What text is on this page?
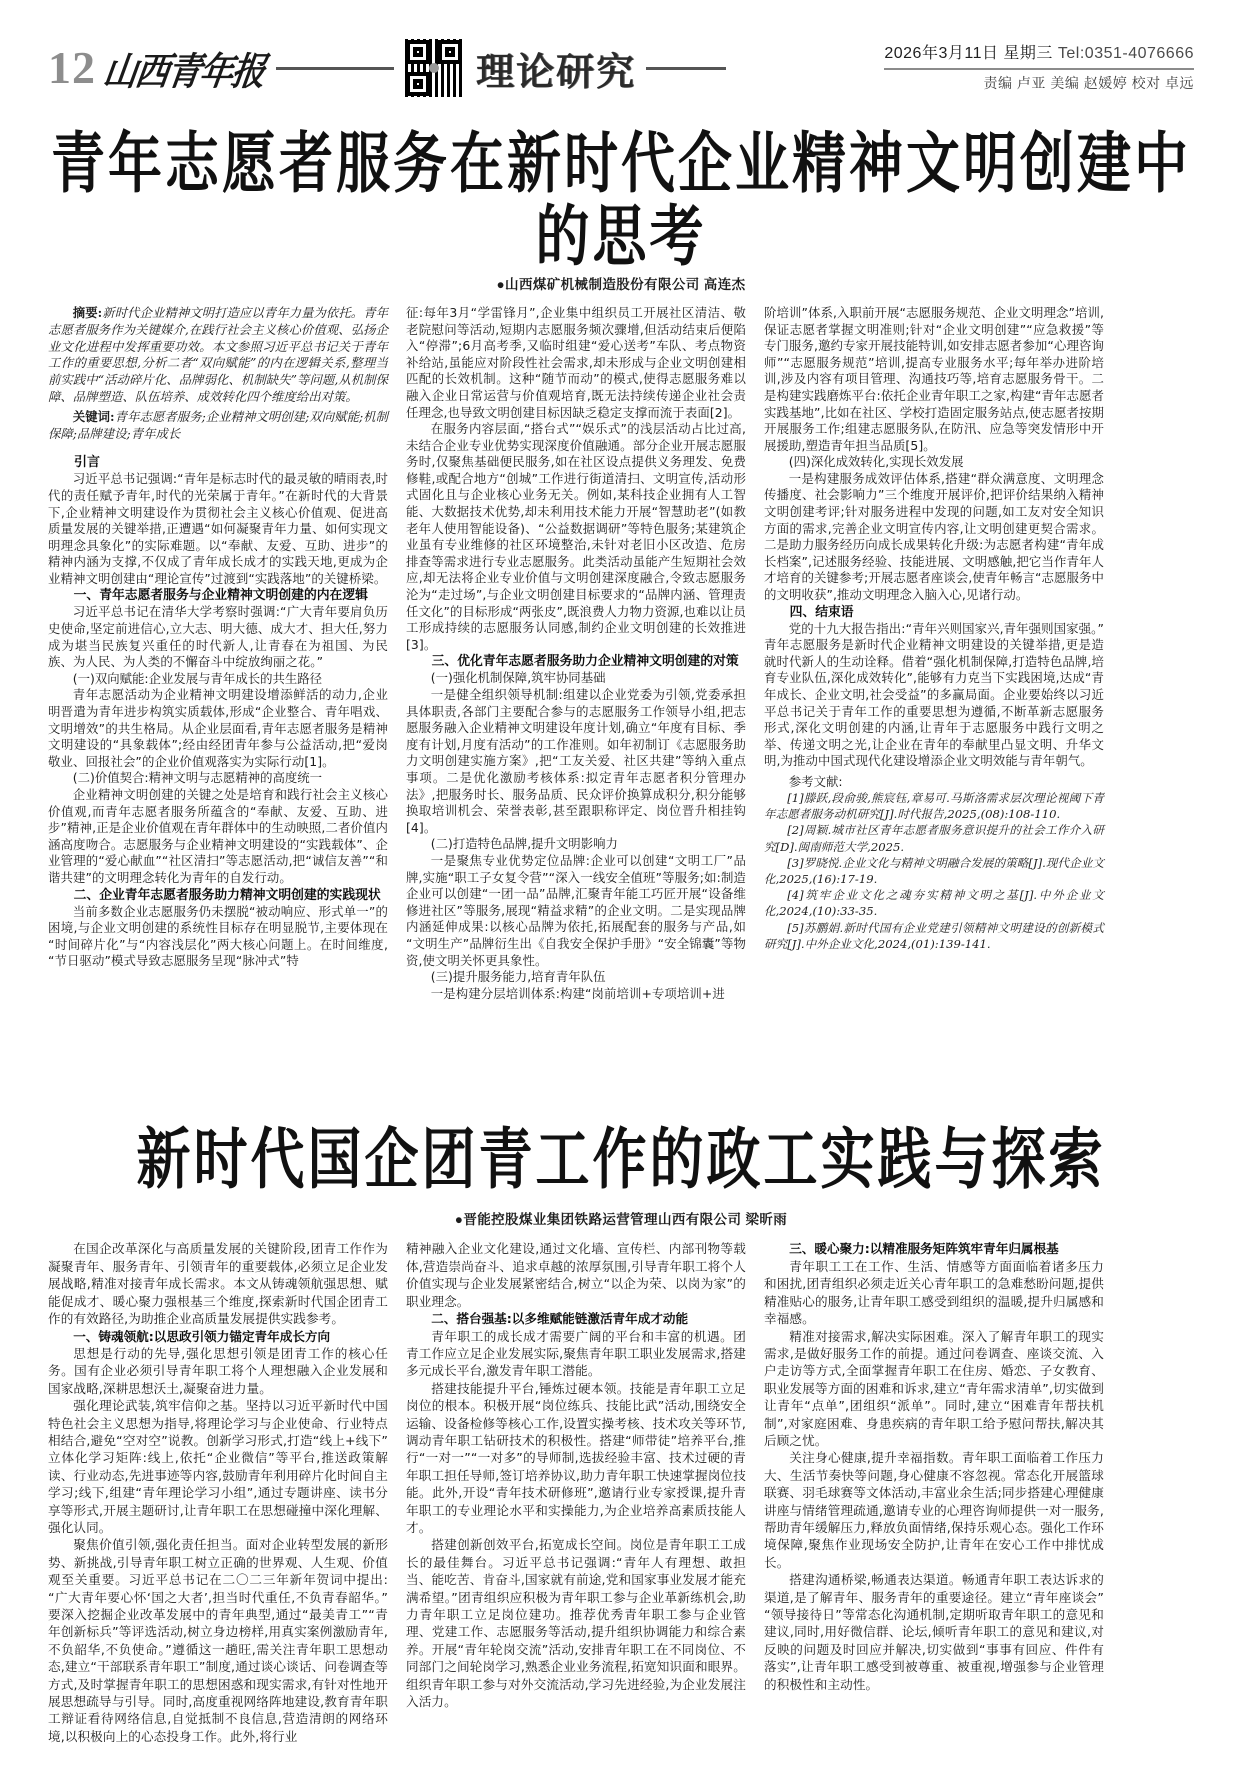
12 山西青年报	理论研究	2026年3月11日 星期三 Tel:0351-4076666
责编 卢亚 美编 赵媛婷 校对 卓远
青年志愿者服务在新时代企业精神文明创建中的思考
●山西煤矿机械制造股份有限公司 高连杰

摘要:新时代企业精神文明打造应以青年力量为依托。青年志愿者服务作为关键媒介,在践行社会主义核心价值观、弘扬企业文化进程中发挥重要功效。本文参照习近平总书记关于青年工作的重要思想,分析二者“双向赋能”的内在逻辑关系,整理当前实践中“活动碎片化、品牌弱化、机制缺失”等问题,从机制保障、品牌塑造、队伍培养、成效转化四个维度给出对策。

关键词:青年志愿者服务;企业精神文明创建;双向赋能;机制保障;品牌建设;青年成长

引言

习近平总书记强调:“青年是标志时代的最灵敏的晴雨表,时代的责任赋予青年,时代的光荣属于青年。”在新时代的大背景下,企业精神文明建设作为贯彻社会主义核心价值观、促进高质量发展的关键举措,正遭遇“如何凝聚青年力量、如何实现文明理念具象化”的实际难题。以“奉献、友爱、互助、进步”的精神内涵为支撑,不仅成了青年成长成才的实践天地,更成为企业精神文明创建由“理论宣传”过渡到“实践落地”的关键桥梁。

一、青年志愿者服务与企业精神文明创建的内在逻辑

习近平总书记在清华大学考察时强调:“广大青年要肩负历史使命,坚定前进信心,立大志、明大德、成大才、担大任,努力成为堪当民族复兴重任的时代新人,让青春在为祖国、为民族、为人民、为人类的不懈奋斗中绽放绚丽之花。”

(一)双向赋能:企业发展与青年成长的共生路径

青年志愿活动为企业精神文明建设增添鲜活的动力,企业明晋遣为青年进步构筑实质载体,形成“企业整合、青年唱戏、文明增效”的共生格局。从企业层面看,青年志愿者服务是精神文明建设的“具象载体”;经由经团青年参与公益活动,把“爱岗敬业、回报社会”的企业价值观落实为实际行动[1]。

(二)价值契合:精神文明与志愿精神的高度统一

企业精神文明创建的关键之处是培育和践行社会主义核心价值观,而青年志愿者服务所蕴含的“奉献、友爱、互助、进步”精神,正是企业价值观在青年群体中的生动映照,二者价值内涵高度吻合。志愿服务与企业精神文明建设的“实践载体”、企业管理的“爱心献血”“社区清扫”等志愿活动,把“诚信友善”“和谐共建”的文明理念转化为青年的自发行动。

二、企业青年志愿者服务助力精神文明创建的实践现状

当前多数企业志愿服务仍未摆脱“被动响应、形式单一”的困境,与企业文明创建的系统性目标存在明显脱节,主要体现在“时间碎片化”与“内容浅层化”两大核心问题上。在时间维度,“节日驱动”模式导致志愿服务呈现“脉冲式”特

征:每年3月“学雷锋月”,企业集中组织员工开展社区清洁、敬老院慰问等活动,短期内志愿服务频次骤增,但活动结束后便陷入“停滞”;6月高考季,又临时组建“爱心送考”车队、考点物资补给站,虽能应对阶段性社会需求,却未形成与企业文明创建相匹配的长效机制。这种“随节而动”的模式,使得志愿服务难以融入企业日常运营与价值观培育,既无法持续传递企业社会责任理念,也导致文明创建目标因缺乏稳定支撑而流于表面[2]。

在服务内容层面,“搭台式”“娱乐式”的浅层活动占比过高,未结合企业专业优势实现深度价值融通。部分企业开展志愿服务时,仅聚焦基础便民服务,如在社区设点提供义务理发、免费修鞋,或配合地方“创城”工作进行街道清扫、文明宣传,活动形式固化且与企业核心业务无关。例如,某科技企业拥有人工智能、大数据技术优势,却未利用技术能力开展“智慧助老”(如教老年人使用智能设备)、“公益数据调研”等特色服务;某建筑企业虽有专业维修的社区环境整治,未针对老旧小区改造、危房排查等需求进行专业志愿服务。此类活动虽能产生短期社会效应,却无法将企业专业价值与文明创建深度融合,令致志愿服务沦为“走过场”,与企业文明创建目标要求的“品牌内涵、管理责任文化”的目标形成“两张皮”,既浪费人力物力资源,也难以让员工形成持续的志愿服务认同感,制约企业文明创建的长效推进[3]。

三、优化青年志愿者服务助力企业精神文明创建的对策
(一)强化机制保障,筑牢协同基础

一是健全组织领导机制:组建以企业党委为引领,党委承担具体职责,各部门主要配合参与的志愿服务工作领导小组,把志愿服务融入企业精神文明建设年度计划,确立“年度有目标、季度有计划,月度有活动”的工作准则。如年初制订《志愿服务助力文明创建实施方案》,把“工友关爱、社区共建”等纳入重点事项。二是优化激励考核体系:拟定青年志愿者积分管理办法》,把服务时长、服务品质、民众评价换算成积分,积分能够换取培训机会、荣誉表彰,甚至跟职称评定、岗位晋升相挂钩[4]。

(二)打造特色品牌,提升文明影响力

一是聚焦专业优势定位品牌:企业可以创建“文明工厂”品牌,实施“职工子女复令营”“深入一线安全值班”等服务;如:制造企业可以创建“一团一品”品牌,汇聚青年能工巧匠开展“设备维修进社区”等服务,展现“精益求精”的企业文明。二是实现品牌内涵延伸成果:以核心品牌为依托,拓展配套的服务与产品,如“文明生产”品牌衍生出《自我安全保护手册》“安全锦囊”等物资,使文明关怀更具象性。

(三)提升服务能力,培育青年队伍

一是构建分层培训体系:构建“岗前培训+专项培训+进

阶培训”体系,入职前开展“志愿服务规范、企业文明理念”培训,保证志愿者掌握文明准则;针对“企业文明创建”“应急救援”等专门服务,邀约专家开展技能特训,如安排志愿者参加“心理咨询师”“志愿服务规范”培训,提高专业服务水平;每年举办进阶培训,涉及内容有项目管理、沟通技巧等,培育志愿服务骨干。二是构建实践磨炼平台:依托企业青年职工之家,构建“青年志愿者实践基地”,比如在社区、学校打造固定服务站点,使志愿者按期开展服务工作;组建志愿服务队,在防汛、应急等突发情形中开展援助,塑造青年担当品质[5]。

(四)深化成效转化,实现长效发展

一是构建服务成效评估体系,搭建“群众满意度、文明理念传播度、社会影响力”三个维度开展评价,把评价结果纳入精神文明创建考评;针对服务进程中发现的问题,如工友对安全知识方面的需求,完善企业文明宣传内容,让文明创建更契合需求。二是助力服务经历向成长成果转化升级:为志愿者构建“青年成长档案”,记述服务经验、技能进展、文明感触,把它当作青年人才培育的关键参考;开展志愿者座谈会,使青年畅言“志愿服务中的文明收获”,推动文明理念入脑入心,见诸行动。

四、结束语

党的十九大报告指出:“青年兴则国家兴,青年强则国家强。”青年志愿服务是新时代企业精神文明建设的关键举措,更是造就时代新人的生动诠释。借着“强化机制保障,打造特色品牌,培育专业队伍,深化成效转化”,能够有力克当下实践困境,达成“青年成长、企业文明,社会受益”的多赢局面。企业要始终以习近平总书记关于青年工作的重要思想为遵循,不断革新志愿服务形式,深化文明创建的内涵,让青年于志愿服务中践行文明之举、传递文明之光,让企业在青年的奉献里凸显文明、升华文明,为推动中国式现代化建设增添企业文明效能与青年朝气。

参考文献:

[1]滕跃,段俞骏,熊宸钰,章易可.马斯洛需求层次理论视阈下青年志愿者服务动机研究[J].时代报告,2025,(08):108-110.

[2]周颖.城市社区青年志愿者服务意识提升的社会工作介入研究[D].闽南师范大学,2025.

[3]罗晓悦.企业文化与精神文明融合发展的策略[J].现代企业文化,2025,(16):17-19.

[4]筑牢企业文化之魂夯实精神文明之基[J].中外企业文化,2024,(10):33-35.

[5]苏鹏娟.新时代国有企业党建引领精神文明建设的创新模式研究[J].中外企业文化,2024,(01):139-141.

新时代国企团青工作的政工实践与探索
●晋能控股煤业集团铁路运营管理山西有限公司 梁昕雨

在国企改革深化与高质量发展的关键阶段,团青工作作为凝聚青年、服务青年、引领青年的重要载体,必须立足企业发展战略,精准对接青年成长需求。本文从铸魂领航强思想、赋能促成才、暖心聚力强根基三个维度,探索新时代国企团青工作的有效路径,为助推企业高质量发展提供实践参考。

一、铸魂领航:以思政引领力锚定青年成长方向

思想是行动的先导,强化思想引领是团青工作的核心任务。国有企业必须引导青年职工将个人理想融入企业发展和国家战略,深耕思想沃土,凝聚奋进力量。

强化理论武装,筑牢信仰之基。坚持以习近平新时代中国特色社会主义思想为指导,将理论学习与企业使命、行业特点相结合,避免“空对空”说教。创新学习形式,打造“线上+线下”立体化学习矩阵:线上,依托“企业微信”等平台,推送政策解读、行业动态,先进事迹等内容,鼓励青年利用碎片化时间自主学习;线下,组建“青年理论学习小组”,通过专题讲座、读书分享等形式,开展主题研讨,让青年职工在思想碰撞中深化理解、强化认同。

聚焦价值引领,强化责任担当。面对企业转型发展的新形势、新挑战,引导青年职工树立正确的世界观、人生观、价值观至关重要。习近平总书记在二〇二三年新年贺词中提出:“广大青年要心怀‘国之大者’,担当时代重任,不负青春韶华。”要深入挖掘企业改革发展中的青年典型,通过“最美青工”“青年创新标兵”等评选活动,树立身边榜样,用真实案例激励青年,不负韶华,不负使命。”遵循这一趟旺,需关注青年职工思想动态,建立“干部联系青年职工”制度,通过谈心谈话、问卷调查等方式,及时掌握青年职工的思想困惑和现实需求,有针对性地开展思想疏导与引导。同时,高度重视网络阵地建设,教育青年职工辩证看待网络信息,自觉抵制不良信息,营造清朗的网络环境,以积极向上的心态投身工作。此外,将行业

精神融入企业文化建设,通过文化墙、宣传栏、内部刊物等载体,营造崇尚奋斗、追求卓越的浓厚氛围,引导青年职工将个人价值实现与企业发展紧密结合,树立“以企为荣、以岗为家”的职业理念。

二、搭台强基:以多维赋能链激活青年成才动能

青年职工的成长成才需要广阔的平台和丰富的机遇。团青工作应立足企业发展实际,聚焦青年职工职业发展需求,搭建多元成长平台,激发青年职工潜能。

搭建技能提升平台,锤炼过硬本领。技能是青年职工立足岗位的根本。积极开展“岗位练兵、技能比武”活动,围绕安全运输、设备检修等核心工作,设置实操考核、技术攻关等环节,调动青年职工钻研技术的积极性。搭建“师带徒”培养平台,推行“一对一”“一对多”的导师制,选拔经验丰富、技术过硬的青年职工担任导师,签订培养协议,助力青年职工快速掌握岗位技能。此外,开设“青年技术研修班”,邀请行业专家授课,提升青年职工的专业理论水平和实操能力,为企业培养高素质技能人才。

搭建创新创效平台,拓宽成长空间。岗位是青年职工工成长的最佳舞台。习近平总书记强调:“青年人有理想、敢担当、能吃苦、肯奋斗,国家就有前途,党和国家事业发展才能充满希望。”团青组织应积极为青年职工参与企业革新练机会,助力青年职工立足岗位建功。推荐优秀青年职工参与企业管理、党建工作、志愿服务等活动,提升组织协调能力和综合素养。开展“青年轮岗交流”活动,安排青年职工在不同岗位、不同部门之间轮岗学习,熟悉企业业务流程,拓宽知识面和眼界。组织青年职工参与对外交流活动,学习先进经验,为企业发展注入活力。

三、暖心聚力:以精准服务矩阵筑牢青年归属根基

青年职工工在工作、生活、情感等方面面临着诸多压力和困扰,团青组织必须走近关心青年职工的急难愁盼问题,提供精准贴心的服务,让青年职工感受到组织的温暖,提升归属感和幸福感。

精准对接需求,解决实际困难。深入了解青年职工的现实需求,是做好服务工作的前提。通过问卷调查、座谈交流、入户走访等方式,全面掌握青年职工在住房、婚恋、子女教育、职业发展等方面的困难和诉求,建立“青年需求清单”,切实做到让青年“点单”,团组织“派单”。同时,建立“困难青年帮扶机制”,对家庭困难、身患疾病的青年职工给予慰问帮扶,解决其后顾之忧。

关注身心健康,提升幸福指数。青年职工面临着工作压力大、生活节奏快等问题,身心健康不容忽视。常态化开展篮球联赛、羽毛球赛等文体活动,丰富业余生活;同步搭建心理健康讲座与情绪管理疏通,邀请专业的心理咨询师提供一对一服务,帮助青年缓解压力,释放负面情绪,保持乐观心态。强化工作环境保障,聚焦作业现场安全防护,让青年在安心工作中排忧成长。

搭建沟通桥梁,畅通表达渠道。畅通青年职工表达诉求的渠道,是了解青年、服务青年的重要途径。建立“青年座谈会”“领导接待日”等常态化沟通机制,定期听取青年职工的意见和建议,同时,用好微信群、论坛,倾听青年职工的意见和建议,对反映的问题及时回应并解决,切实做到“事事有回应、件件有落实”,让青年职工感受到被尊重、被重视,增强参与企业管理的积极性和主动性。
